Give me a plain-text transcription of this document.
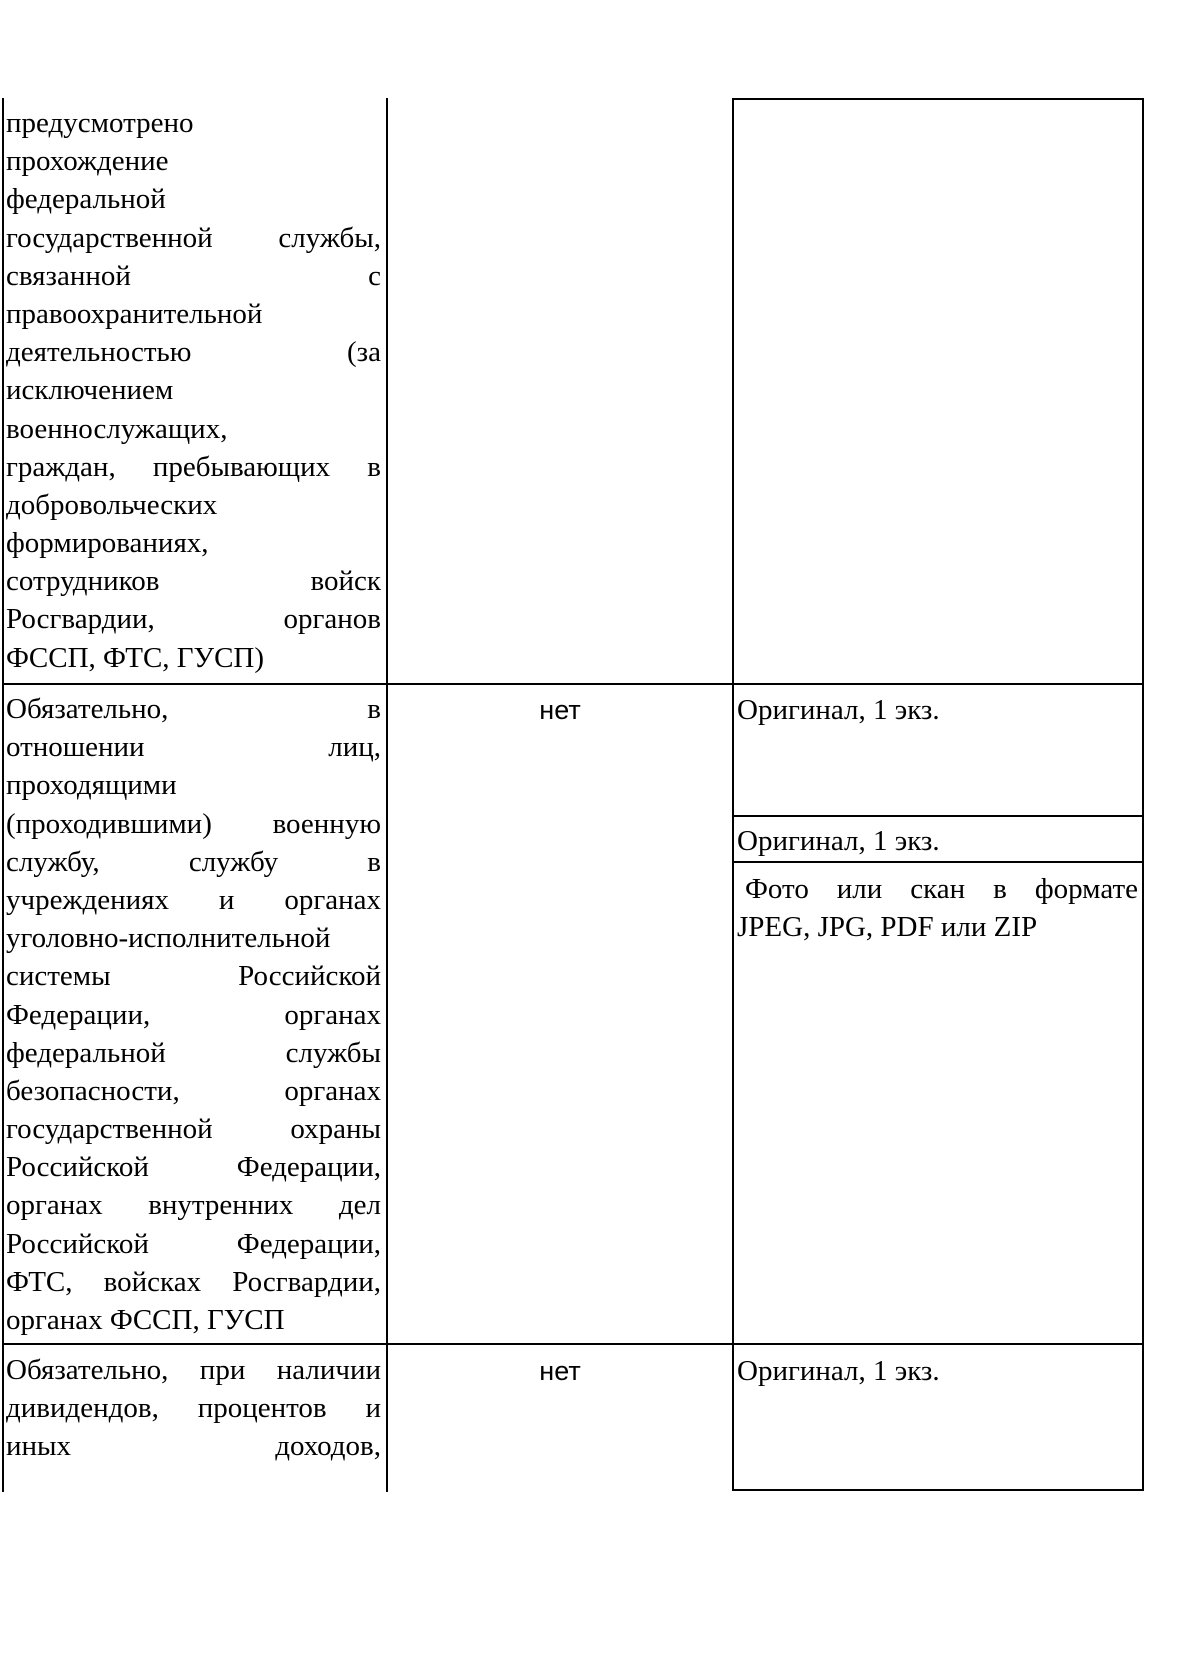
предусмотрено
прохождение
федеральной
государственной службы,
связанной с
правоохранительной
деятельностью (за
исключением
военнослужащих,
граждан, пребывающих в
добровольческих
формированиях,
сотрудников войск
Росгвардии, органов
ФССП, ФТС, ГУСП)
Обязательно, в
отношении лиц,
проходящими
(проходившими) военную
службу, службу в
учреждениях и органах
уголовно-исполнительной
системы Российской
Федерации, органах
федеральной службы
безопасности, органах
государственной охраны
Российской Федерации,
органах внутренних дел
Российской Федерации,
ФТС, войсках Росгвардии,
органах ФССП, ГУСП
нет	Оригинал, 1 экз.
Оригинал, 1 экз.
Фото или скан в формате
JPEG, JPG, PDF или ZIP
Обязательно, при наличии
дивидендов, процентов и
иных доходов,
нет	Оригинал, 1 экз.
